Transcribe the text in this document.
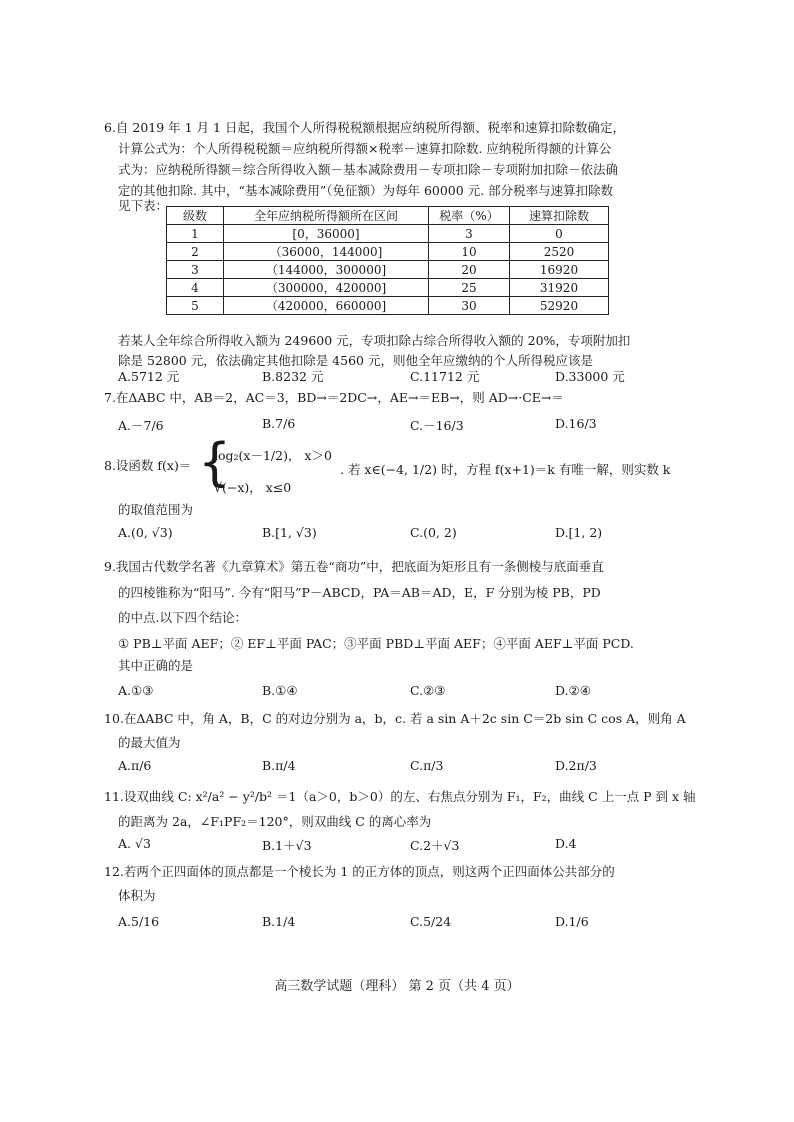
6.自 2019 年 1 月 1 日起，我国个人所得税税额根据应纳税所得额、税率和速算扣除数确定，
计算公式为：个人所得税税额＝应纳税所得额×税率－速算扣除数. 应纳税所得额的计算公
式为：应纳税所得额＝综合所得收入额－基本减除费用－专项扣除－专项附加扣除－依法确
定的其他扣除. 其中，“基本减除费用”（免征额）为每年 60000 元. 部分税率与速算扣除数
见下表：
级数	全年应纳税所得额所在区间	税率（%）	速算扣除数
1	[0，36000]	3	0
2	（36000，144000]	10	2520
3	（144000，300000]	20	16920
4	（300000，420000]	25	31920
5	（420000，660000]	30	52920
若某人全年综合所得收入额为 249600 元，专项扣除占综合所得收入额的 20%，专项附加扣
除是 52800 元，依法确定其他扣除是 4560 元，则他全年应缴纳的个人所得税应该是
A.5712 元	B.8232 元	C.11712 元	D.33000 元
7.在ΔABC 中，AB＝2，AC＝3，BD→＝2DC→，AE→＝EB→，则 AD→·CE→＝
A.－7/6	B.7/6	C.－16/3	D.16/3
8.设函数 f(x)＝ {
log₂(x－1/2)， x＞0
√(−x)， x≤0
. 若 x∈(−4, 1/2) 时，方程 f(x+1)＝k 有唯一解，则实数 k
的取值范围为
A.(0, √3)	B.[1, √3)	C.(0, 2)	D.[1, 2)
9.我国古代数学名著《九章算术》第五卷“商功”中，把底面为矩形且有一条侧棱与底面垂直
的四棱锥称为“阳马”. 今有“阳马”P－ABCD，PA＝AB＝AD，E，F 分别为棱 PB，PD
的中点.以下四个结论：
① PB⊥平面 AEF；② EF⊥平面 PAC；③平面 PBD⊥平面 AEF；④平面 AEF⊥平面 PCD.
其中正确的是
A.①③	B.①④	C.②③	D.②④
10.在ΔABC 中，角 A，B，C 的对边分别为 a，b，c. 若 a sin A＋2c sin C＝2b sin C cos A，则角 A
的最大值为
A.π/6	B.π/4	C.π/3	D.2π/3
11.设双曲线 C: x²/a² − y²/b² ＝1（a＞0，b＞0）的左、右焦点分别为 F₁，F₂，曲线 C 上一点 P 到 x 轴
的距离为 2a，∠F₁PF₂＝120°，则双曲线 C 的离心率为
A. √3	B.1＋√3	C.2＋√3	D.4
12.若两个正四面体的顶点都是一个棱长为 1 的正方体的顶点，则这两个正四面体公共部分的
体积为
A.5/16	B.1/4	C.5/24	D.1/6
高三数学试题（理科） 第 2 页（共 4 页）
